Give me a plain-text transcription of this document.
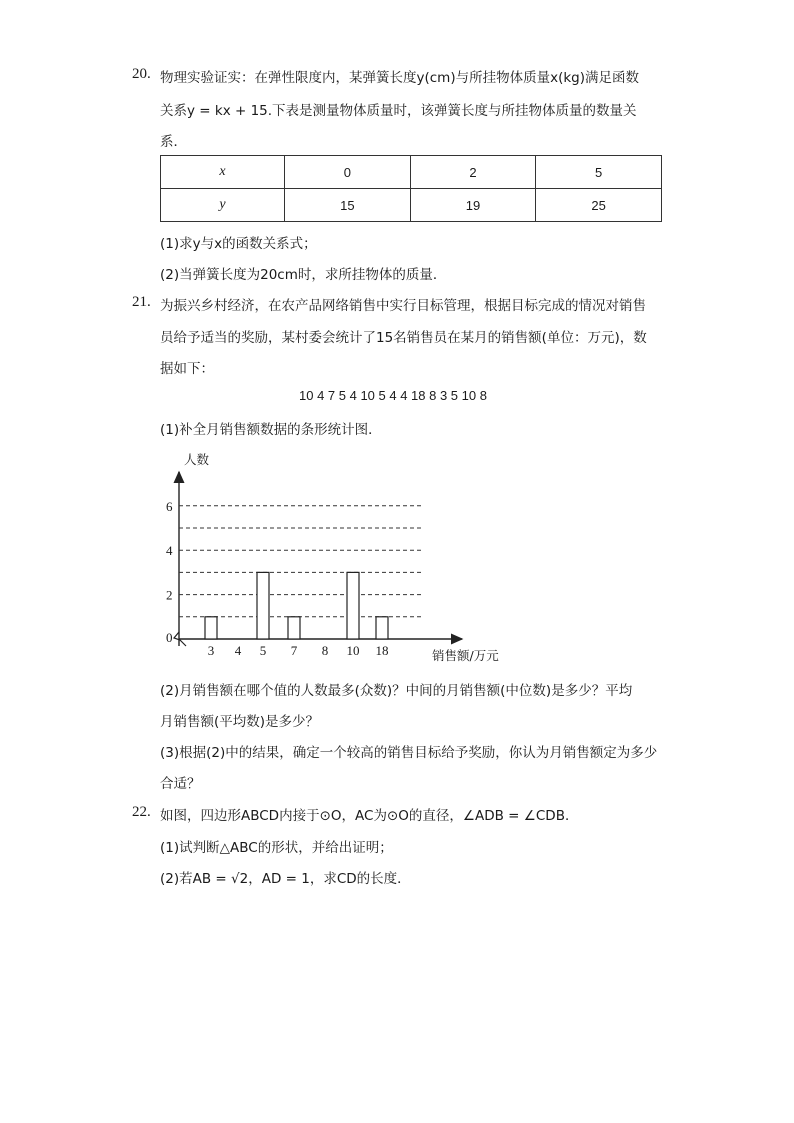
20. 物理实验证实：在弹性限度内，某弹簧长度y(cm)与所挂物体质量x(kg)满足函数
关系y = kx + 15.下表是测量物体质量时，该弹簧长度与所挂物体质量的数量关
系．
x	0	2	5
y	15	19	25
(1)求y与x的函数关系式；
(2)当弹簧长度为20cm时，求所挂物体的质量．
21. 为振兴乡村经济，在农产品网络销售中实行目标管理，根据目标完成的情况对销售
员给予适当的奖励，某村委会统计了15名销售员在某月的销售额(单位：万元)，数
据如下：
10 4 7 5 4 10 5 4 4 18 8 3 5 10 8
(1)补全月销售额数据的条形统计图．
0
2
4
6
3 4 5 7 8 10 18
人数
销售额/万元
(2)月销售额在哪个值的人数最多(众数)？中间的月销售额(中位数)是多少？平均
月销售额(平均数)是多少？
(3)根据(2)中的结果，确定一个较高的销售目标给予奖励，你认为月销售额定为多少
合适？
22. 如图，四边形ABCD内接于⊙O，AC为⊙O的直径，∠ADB = ∠CDB．
(1)试判断△ABC的形状，并给出证明；
(2)若AB = √2，AD = 1，求CD的长度．
